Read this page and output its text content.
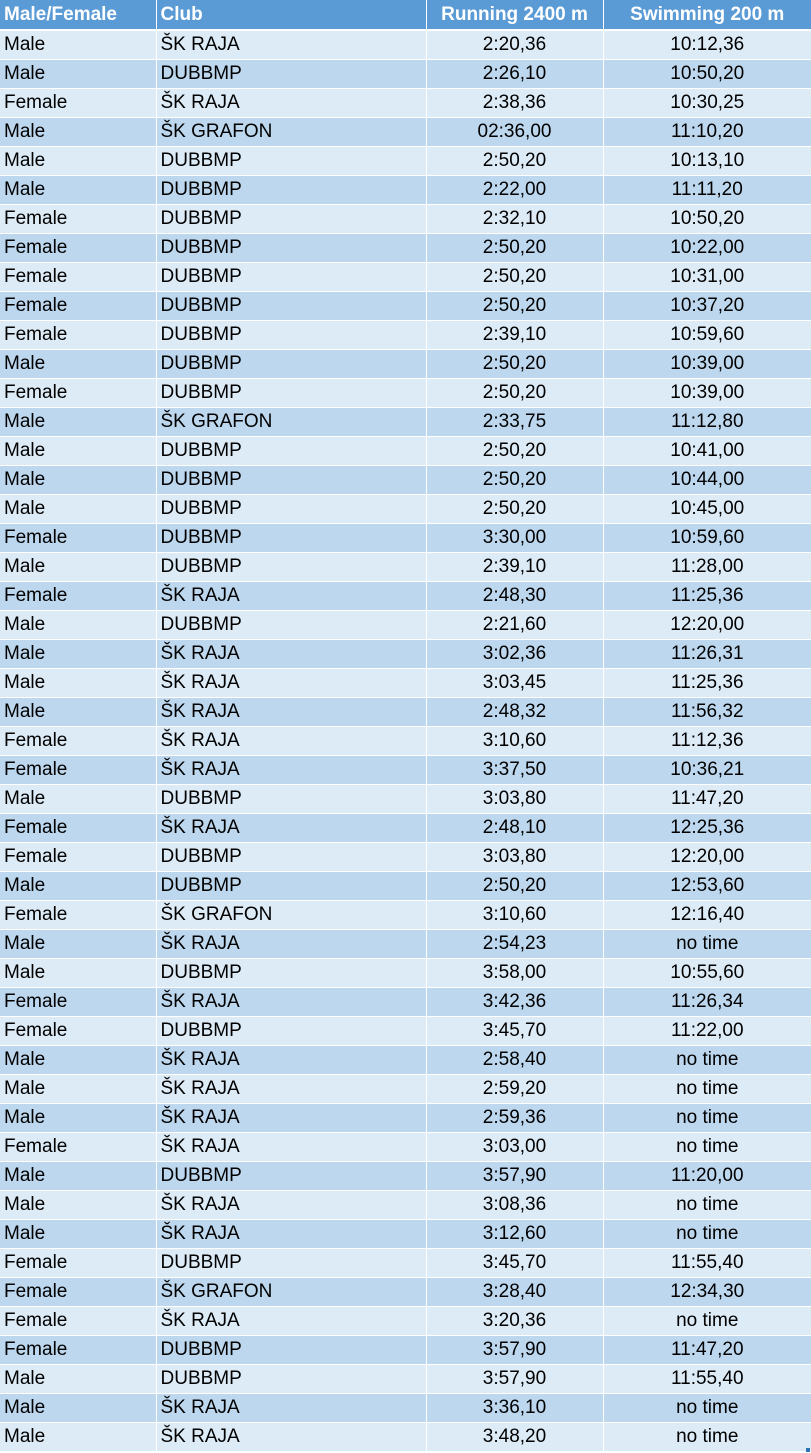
Male/Female	Club	Running 2400 m	Swimming 200 m
Male	ŠK RAJA	2:20,36	10:12,36
Male	DUBBMP	2:26,10	10:50,20
Female	ŠK RAJA	2:38,36	10:30,25
Male	ŠK GRAFON	02:36,00	11:10,20
Male	DUBBMP	2:50,20	10:13,10
Male	DUBBMP	2:22,00	11:11,20
Female	DUBBMP	2:32,10	10:50,20
Female	DUBBMP	2:50,20	10:22,00
Female	DUBBMP	2:50,20	10:31,00
Female	DUBBMP	2:50,20	10:37,20
Female	DUBBMP	2:39,10	10:59,60
Male	DUBBMP	2:50,20	10:39,00
Female	DUBBMP	2:50,20	10:39,00
Male	ŠK GRAFON	2:33,75	11:12,80
Male	DUBBMP	2:50,20	10:41,00
Male	DUBBMP	2:50,20	10:44,00
Male	DUBBMP	2:50,20	10:45,00
Female	DUBBMP	3:30,00	10:59,60
Male	DUBBMP	2:39,10	11:28,00
Female	ŠK RAJA	2:48,30	11:25,36
Male	DUBBMP	2:21,60	12:20,00
Male	ŠK RAJA	3:02,36	11:26,31
Male	ŠK RAJA	3:03,45	11:25,36
Male	ŠK RAJA	2:48,32	11:56,32
Female	ŠK RAJA	3:10,60	11:12,36
Female	ŠK RAJA	3:37,50	10:36,21
Male	DUBBMP	3:03,80	11:47,20
Female	ŠK RAJA	2:48,10	12:25,36
Female	DUBBMP	3:03,80	12:20,00
Male	DUBBMP	2:50,20	12:53,60
Female	ŠK GRAFON	3:10,60	12:16,40
Male	ŠK RAJA	2:54,23	no time
Male	DUBBMP	3:58,00	10:55,60
Female	ŠK RAJA	3:42,36	11:26,34
Female	DUBBMP	3:45,70	11:22,00
Male	ŠK RAJA	2:58,40	no time
Male	ŠK RAJA	2:59,20	no time
Male	ŠK RAJA	2:59,36	no time
Female	ŠK RAJA	3:03,00	no time
Male	DUBBMP	3:57,90	11:20,00
Male	ŠK RAJA	3:08,36	no time
Male	ŠK RAJA	3:12,60	no time
Female	DUBBMP	3:45,70	11:55,40
Female	ŠK GRAFON	3:28,40	12:34,30
Female	ŠK RAJA	3:20,36	no time
Female	DUBBMP	3:57,90	11:47,20
Male	DUBBMP	3:57,90	11:55,40
Male	ŠK RAJA	3:36,10	no time
Male	ŠK RAJA	3:48,20	no time
